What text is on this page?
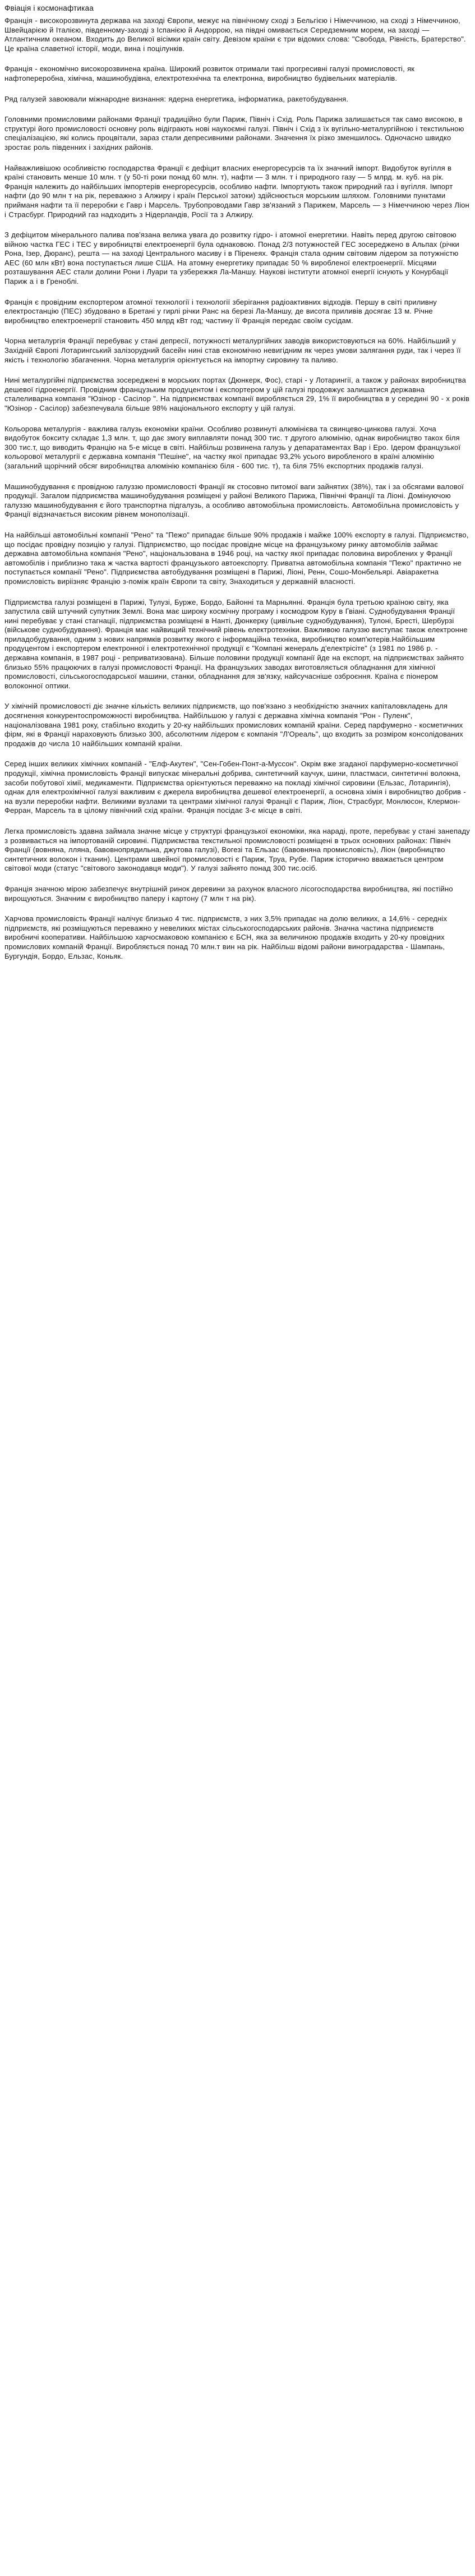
Фвіація і космонафтикаа

Франція - високорозвинута держава на заході Європи, межує на північному сході з Бельгією і Німеччиною, на сході з Німеччиною, Швейцарією й Італією, південному-заході з Іспанією й Андоррою, на півдні омивається Середземним морем, на заході — Атлантичним океаном. Входить до Великої вісімки країн світу. Девізом країни є три відомих слова: "Свобода, Рівність, Братерство". Це країна славетної історії, моди, вина і поцілунків.

Франція - економічно високорозвинена країна. Широкий розвиток отримали такі прогресивні галузі промисловості, як нафтопереробна, хімічна, машинобудівна, електротехнічна та електронна, виробництво будівельних матеріалів.

Ряд галузей завоювали міжнародне визнання: ядерна енергетика, інформатика, ракетобудування.

Головними промисловими районами Франції традиційно були Париж, Північ і Схід. Роль Парижа залишається так само високою, в структурі його промисловості основну роль відіграють нові наукоємні галузі. Північ і Схід з їх вугільно-металургійною і текстильною спеціалізацією, які колись процвітали, зараз стали депресивними районами. Значення їх різко зменшилось. Одночасно швидко зростає роль південних і західних районів.

Найважливішою особливістю господарства Франції є дефіцит власних енергоресурсів та їх значний імпорт. Видобуток вугілля в країні становить менше 10 млн. т (у 50-ті роки понад 60 млн. т), нафти — 3 млн. т і природного газу — 5 млрд. м. куб. на рік. Франція належить до найбільших імпортерів енергоресурсів, особливо нафти. Імпортують також природний газ і вугілля. Імпорт нафти (до 90 млн т на рік, переважно з Алжиру і країн Перської затоки) здійснюється морським шляхом. Головними пунктами прийманя нафти та її переробки є Гавр і Марсель. Трубопроводами Гавр зв'язаний з Парижем, Марсель — з Німеччиною через Ліон і Страсбург. Природний газ надходить з Нідерландів, Росії та з Алжиру.

З дефіцитом мінерального палива пов'язана велика увага до розвитку гідро- і атомної енергетики. Навіть перед другою світовою війною частка ГЕС і ТЕС у виробництві електроенергії була однаковою. Понад 2/3 потужностей ГЕС зосереджено в Альпах (річки Рона, Ізер, Дюранс), решта — на заході Центрального масиву і в Піренеях. Франція стала одним світовим лідером за потужністю АЕС (60 млн кВт) вона поступається лише США. На атомну енергетику припадає 50 % виробленої електроенергії. Місцями розташування АЕС стали долини Рони і Луари та узбережжя Ла-Маншу. Наукові інститути атомної енергії існують у Конурбації Париж а і в Греноблі.

Франція є провідним експортером атомної технології і технології зберігання радіоактивних відходів. Першу в світі приливну електростанцію (ПЕС) збудовано в Бретані у гирлі річки Ранс на березі Ла-Маншу, де висота приливів досягає 13 м. Річне виробництво електроенергії становить 450 млрд кВт год; частину її Франція передає своїм сусідам.

Чорна металургія Франції перебуває у стані депресії, потужності металургійних заводів використовуються на 60%. Найбільший у Західній Європі Лотарингський залізорудний басейн нині став економічно невигідним як через умови залягання руди, так і через її якість і технологію збагачення. Чорна металургія орієнтується на імпортну сировину та паливо.

Нині металургійні підприємства зосереджені в морських портах (Дюнкерк, Фос), старі - у Лотарингії, а також у районах виробництва дешевої гідроенергії. Провідним французьким продуцентом і експортером у цій галузі продовжує залишатися державна сталеливарна компанія "Юзінор - Сасілор ". На підприємствах компанії виробляється 29, 1% її виробництва в у середині 90 - х років "Юзінор - Сасілор) забезпечувала більше 98% національного експорту у цій галузі.

Кольорова металургія - важлива галузь економіки країни. Особливо розвинуті алюмінієва та свинцево-цинкова галузі. Хоча видобуток бокситу складає 1,3 млн. т, що дає змогу виплавляти понад 300 тис. т другого алюмінію, однак виробництво такох біля 300 тис.т, що виводить Францію на 5-е місце в світі. Найбільш розвинена галузь у депаратаментах Вар і Ерo. Ідером французької кольорової металургії є державна компанія "Пешіне", на частку якої припадає 93,2% усього виробленого в країні алюмінію (загальний щорічний обсяг виробництва алюмінію компанією біля - 600 тис. т), та біля 75% експортних продажів галузі.

Машинобудування є провідною галуззю промисловості Франції як стосовно питомої ваги зайнятих (38%), так і за обсягами валової продукції. Загалом підприємства машинобудування розміщені у районі Великого Парижа, Північні Франції та Ліоні. Домінуючою галуззю машинобудування є його транспортна підгалузь, а особливо автомобільна промисловість. Автомобільна промисловість у Франції відзначається високим рівнем монополізації.

На найбільші автомобільні компанії "Рено" та "Пежо" припадає більше 90% продажів і майже 100% експорту в галузі. Підприємство, що посідає провідну позицію у галузі. Підприємство, що посідає провідне місце на французькому ринку автомобілів займає державна автомобільна компанія "Рено", національзована в 1946 році, на частку якої припадає половина вироблених у Франції автомобілів і приблизно така ж частка вартості французького автоекспорту. Приватна автомобільна компанія "Пежо" практично не поступається компанії "Рено". Підприємства автобудування розміщені в Парижі, Ліоні, Ренн, Сошо-Монбельярі. Авіаракетна промисловість виріізняє Францію з-поміж країн Європи та світу, Знаходиться у державній власності.

Підприємства галузі розміщені в Парижі, Тулузі, Бурже, Бордо, Байонні та Марньянні. Франція була третьою країною світу, яка запустила свій штучний супутник Землі. Вона має широку космічну програму і космодром Куру в Гвіані. Суднобудування Франції нині перебуває у стані стагнації, підприємства розміщені в Нанті, Дюнкерку (цивільне суднобудування), Тулоні, Бресті, Шербурзі (військове суднобудування). Франція має найвищий технічний рівень електротехніки. Важливою галуззю виступає також електронне приладобудування, одним з нових напрямків розвитку якого є інформаційна техніка, виробництво комп'ютерів.Найбільшим продуцентом і експортером електронної і електротехнічної продукції є "Компані женераль д'електрісіте" (з 1981 по 1986 р. - державна компанія, в 1987 році - реприватизована). Більше половини продукції компанії йде на експорт, на підприємствах зайнято близько 55% працюючих в галузі промисловості Франції. На французьких заводах виготовляється обладнання для хімічної промисловості, сільськогосподарської машини, станки, обладнання для зв'язку, найсучасніше озброєння. Країна є піонером волоконної оптики.

У хімічній промисловості діє значне кількість великих підприємств, що пов'язано з необхідністю значних капіталовкладень для досягнення конкурентоспроможності виробництва. Найбільшою у галузі є державна хімічна компанія "Рон - Пуленк", націоналізована 1981 року, стабільно входить у 20-ку найбільших промислових компаній країни. Серед парфумерно - косметичних фірм, які в Франції нараховують близько 300, абсолютним лідером є компанія "Л'Ореаль", що входить за розміром консолідованих продажів до числа 10 найбільших компаній країни.

Серед інших великих хімічних компаній - "Елф-Акутен", "Сен-Гобен-Понт-а-Муссон". Окрім вже згаданої парфумерно-косметичної продукції, хімічна промисловість Франції випускає мінеральні добрива, синтетичний каучук, шини, пластмаси, синтетичні волокна, засоби побутової хімії, медикаменти. Підприємства орієнтуються переважно на покладі хімічної сировини (Ельзас, Лотарингія), однак для електрохімічної галузі важливим є джерела виробництва дешевої електроенергії, а основна хімія і виробництво добрив - на вузли переробки нафти. Великими вузлами та центрами хімічної галузі Франції є Париж, Ліон, Страсбург, Монлюсон, Клермон-Ферран, Марсель та в цілому північний схід країни. Франція посідає 3-є місце в світі.

Легка промисловість здавна займала значне місце у структурі французької економіки, яка нараді, проте, перебуває у стані занепаду з розвивається на імпортованій сировині. Підприємства текстильної промисловості розміщені в трьох основних районах: Північ Франції (вовняна, лляна, бавовнопрядильна, джутова галузі), Вогезі та Ельзас (бавовняна промисловість), Ліон (виробництво синтетичних волокон і тканин). Центрами швейної промисловості є Париж, Труа, Рубе. Париж історично вважається центром світової моди (статус "світового законодавця моди"). У галузі зайнято понад 300 тис.осіб.

Франція значною мірою забезпечує внутрішній ринок деревини за рахунок власного лісогосподарства виробництва, які постійно вирощуються. Значним є виробництво паперу і картону (7 млн т на рік).

Харчова промисловість Франції налічує близько 4 тис. підприємств, з них 3,5% припадає на долю великих, а 14,6% - середніх підприємств, які розміщуються переважно у невеликих містах сільськогосподарських районів. Значна частина підприємств виробничі кооперативи. Найбільшою харчосмаковою компанією є БСН, яка за величиною продажів входить у 20-ку провідних промислових компаній Франції. Виробляється понад 70 млн.т вин на рік. Найбільш відомі райони виноградарства - Шампань, Бургундія, Бордо, Ельзас, Коньяк.
